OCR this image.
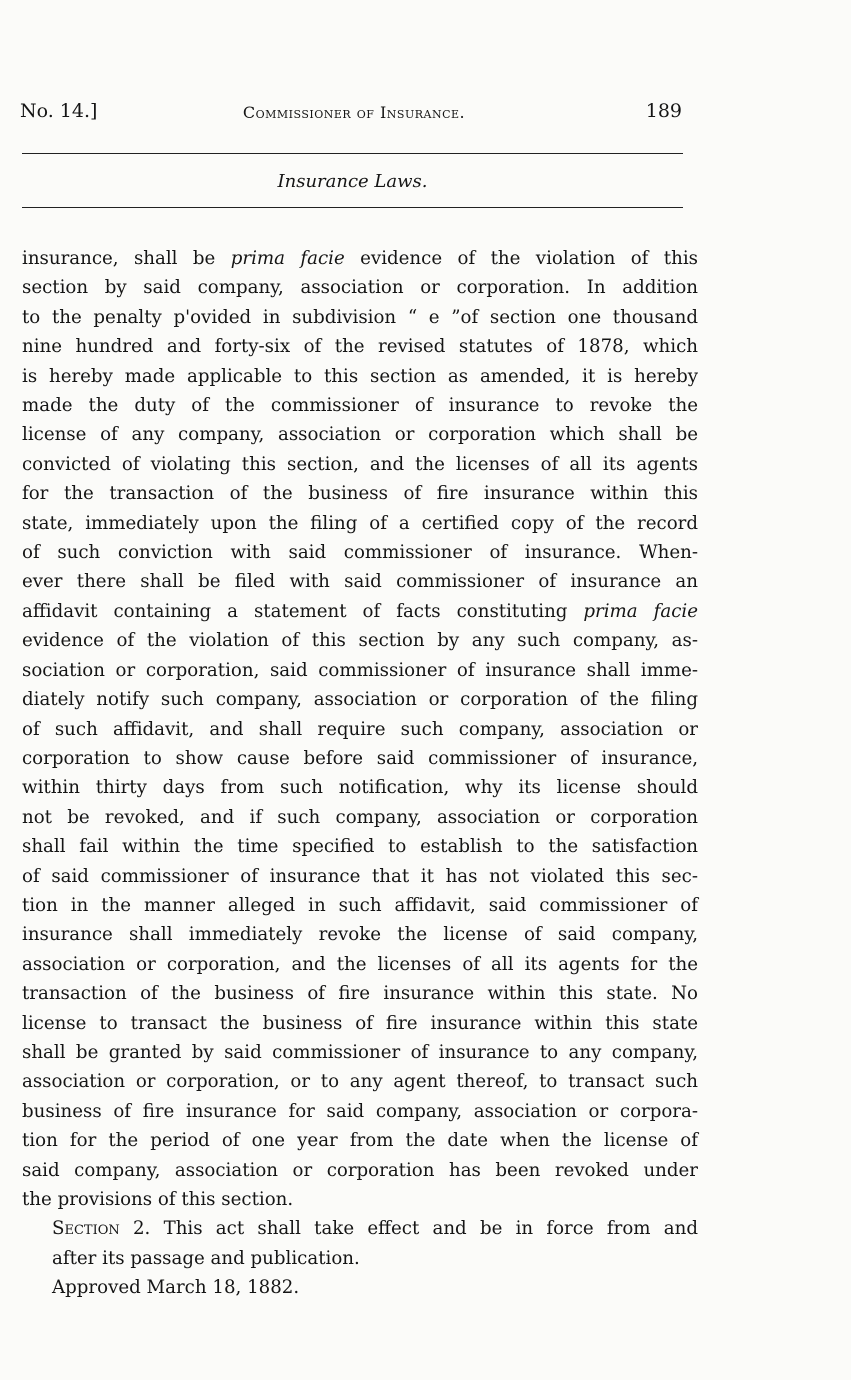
No. 14.]	Commissioner of Insurance.	189
Insurance Laws.

insurance, shall be prima facie evidence of the violation of this
section by said company, association or corporation. In addition
to the penalty p'ovided in subdivision “ e ”of section one thousand
nine hundred and forty-six of the revised statutes of 1878, which
is hereby made applicable to this section as amended, it is hereby
made the duty of the commissioner of insurance to revoke the
license of any company, association or corporation which shall be
convicted of violating this section, and the licenses of all its agents
for the transaction of the business of fire insurance within this
state, immediately upon the filing of a certified copy of the record
of such conviction with said commissioner of insurance. When-
ever there shall be filed with said commissioner of insurance an
affidavit containing a statement of facts constituting prima facie
evidence of the violation of this section by any such company, as-
sociation or corporation, said commissioner of insurance shall imme-
diately notify such company, association or corporation of the filing
of such affidavit, and shall require such company, association or
corporation to show cause before said commissioner of insurance,
within thirty days from such notification, why its license should
not be revoked, and if such company, association or corporation
shall fail within the time specified to establish to the satisfaction
of said commissioner of insurance that it has not violated this sec-
tion in the manner alleged in such affidavit, said commissioner of
insurance shall immediately revoke the license of said company,
association or corporation, and the licenses of all its agents for the
transaction of the business of fire insurance within this state. No
license to transact the business of fire insurance within this state
shall be granted by said commissioner of insurance to any company,
association or corporation, or to any agent thereof, to transact such
business of fire insurance for said company, association or corpora-
tion for the period of one year from the date when the license of
said company, association or corporation has been revoked under
the provisions of this section.

Section 2. This act shall take effect and be in force from and
after its passage and publication.

Approved March 18, 1882.
